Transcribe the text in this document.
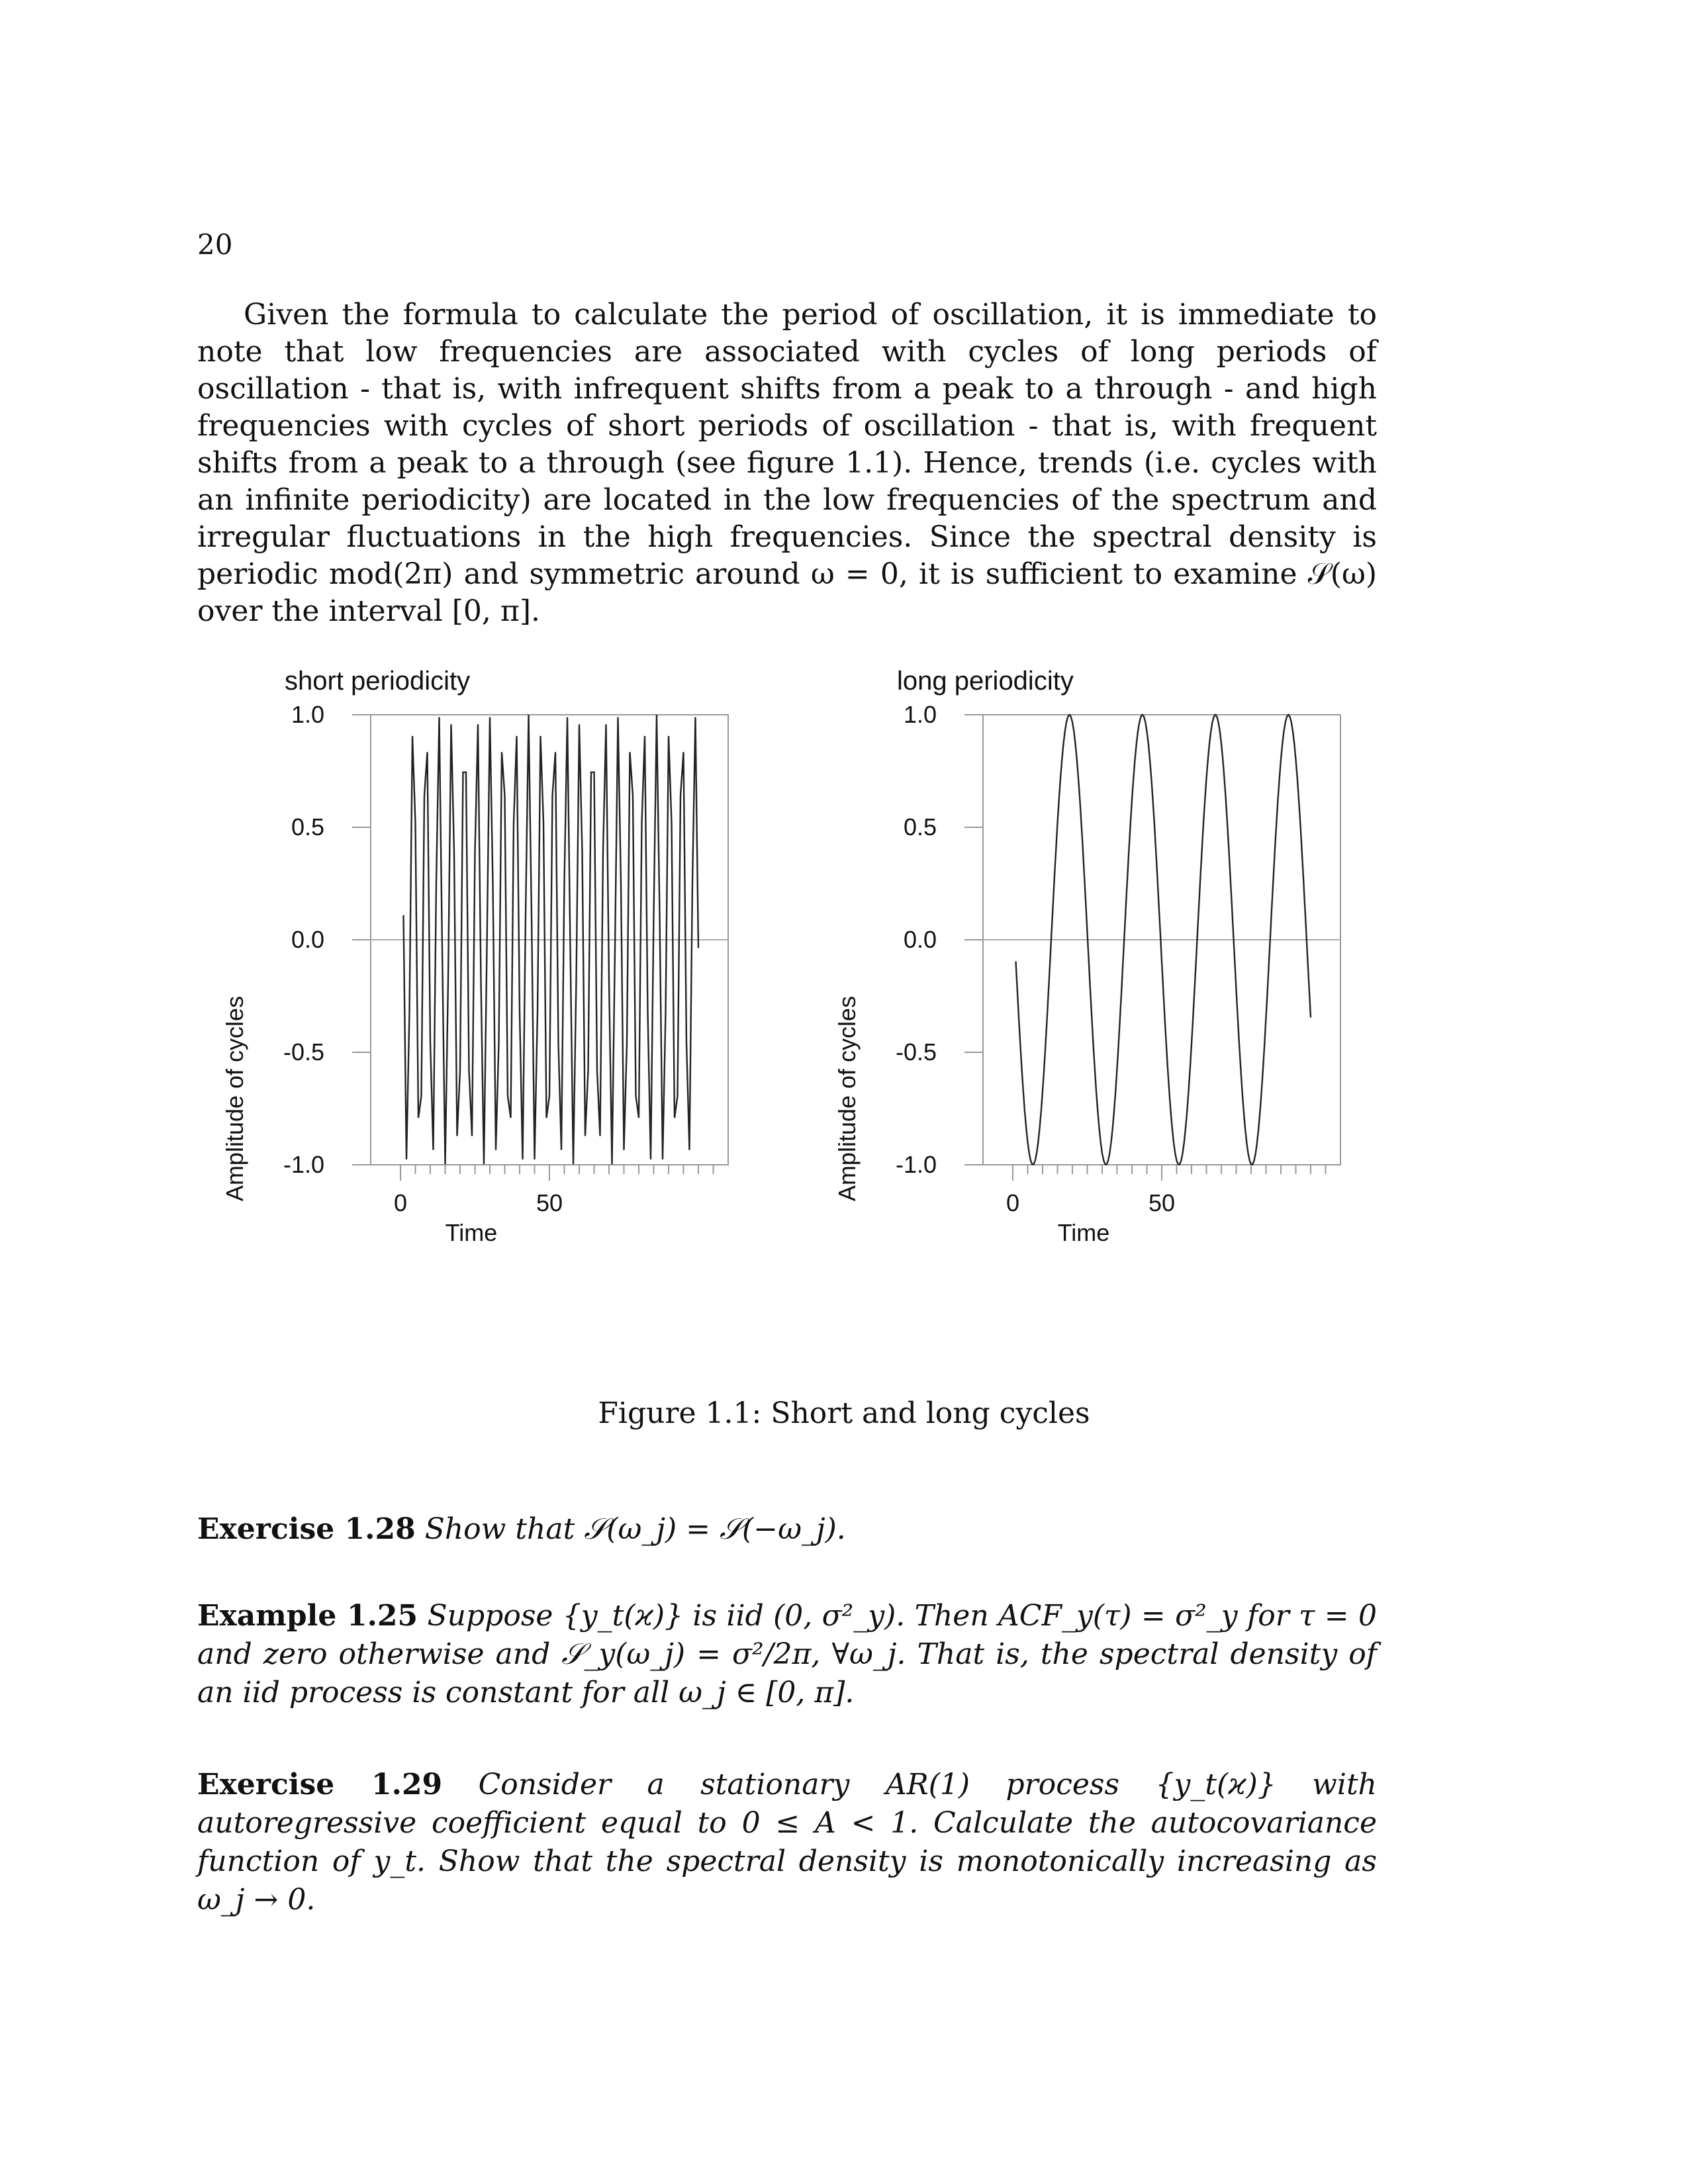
20

Given the formula to calculate the period of oscillation, it is immediate to note that low frequencies are associated with cycles of long periods of oscillation - that is, with infrequent shifts from a peak to a through - and high frequencies with cycles of short periods of oscillation - that is, with frequent shifts from a peak to a through (see figure 1.1). Hence, trends (i.e. cycles with an infinite periodicity) are located in the low frequencies of the spectrum and irregular fluctuations in the high frequencies. Since the spectral density is periodic mod(2π) and symmetric around ω = 0, it is sufficient to examine 𝒮(ω) over the interval [0, π].

short periodicity
Amplitude of cycles
Time
1.0
0.5
0.0
-0.5
-1.0
0	50
long periodicity
Amplitude of cycles
Time
1.0
0.5
0.0
-0.5
-1.0
0	50
Figure 1.1: Short and long cycles

Exercise 1.28 Show that 𝒮(ω_j) = 𝒮(−ω_j).

Example 1.25 Suppose {y_t(ϰ)} is iid (0, σ²_y). Then ACF_y(τ) = σ²_y for τ = 0 and zero otherwise and 𝒮_y(ω_j) = σ²/2π, ∀ω_j. That is, the spectral density of an iid process is constant for all ω_j ∈ [0, π].

Exercise 1.29 Consider a stationary AR(1) process {y_t(ϰ)} with autoregressive coefficient equal to 0 ≤ A < 1. Calculate the autocovariance function of y_t. Show that the spectral density is monotonically increasing as ω_j → 0.
